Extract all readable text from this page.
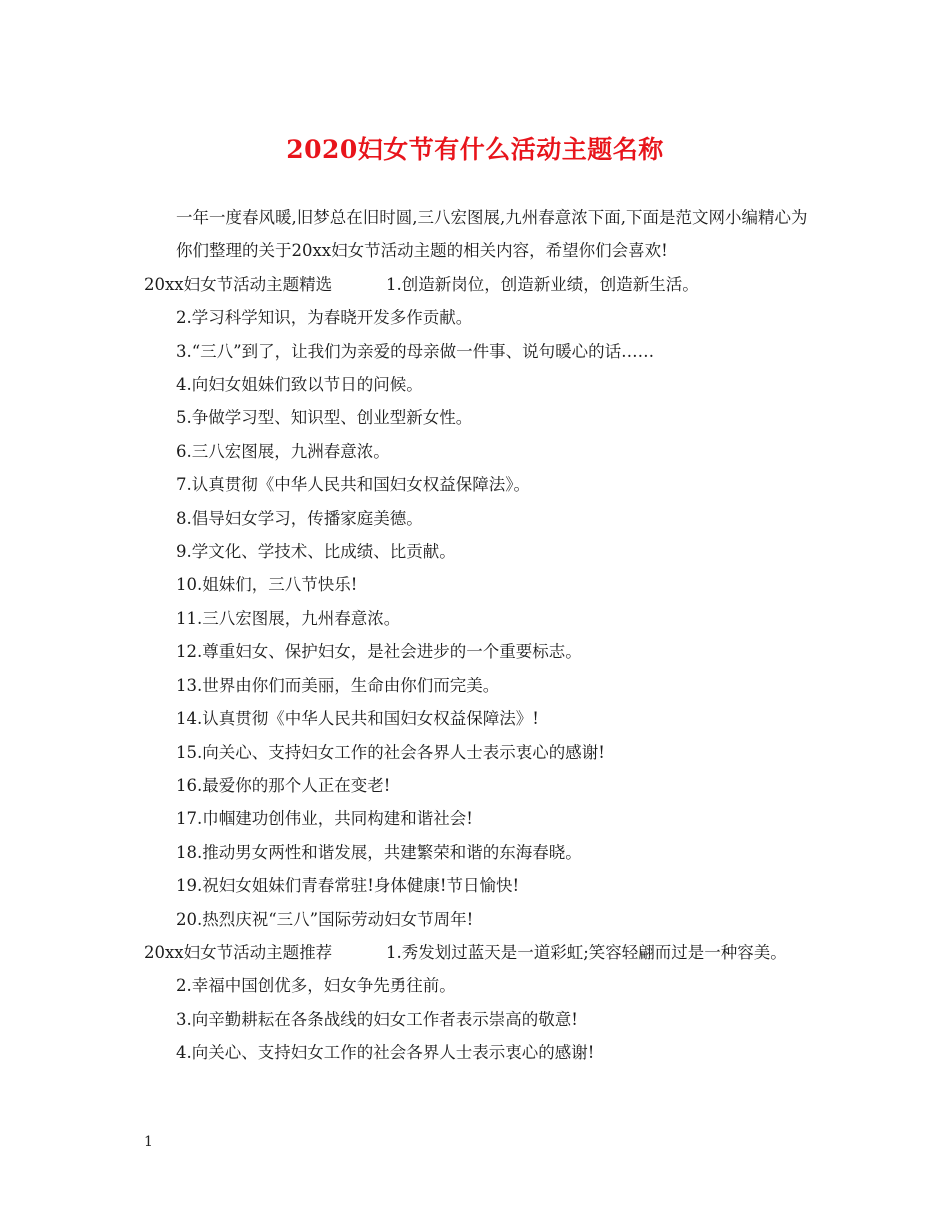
2020妇女节有什么活动主题名称

一年一度春风暖,旧梦总在旧时圆,三八宏图展,九州春意浓下面,下面是范文网小编精心为你们整理的关于20xx妇女节活动主题的相关内容，希望你们会喜欢!

20xx妇女节活动主题精选	1.创造新岗位，创造新业绩，创造新生活。

2.学习科学知识，为春晓开发多作贡献。

3.“三八”到了，让我们为亲爱的母亲做一件事、说句暖心的话……

4.向妇女姐妹们致以节日的问候。

5.争做学习型、知识型、创业型新女性。

6.三八宏图展，九洲春意浓。

7.认真贯彻《中华人民共和国妇女权益保障法》。

8.倡导妇女学习，传播家庭美德。

9.学文化、学技术、比成绩、比贡献。

10.姐妹们，三八节快乐!

11.三八宏图展，九州春意浓。

12.尊重妇女、保护妇女，是社会进步的一个重要标志。

13.世界由你们而美丽，生命由你们而完美。

14.认真贯彻《中华人民共和国妇女权益保障法》!

15.向关心、支持妇女工作的社会各界人士表示衷心的感谢!

16.最爱你的那个人正在变老!

17.巾帼建功创伟业，共同构建和谐社会!

18.推动男女两性和谐发展，共建繁荣和谐的东海春晓。

19.祝妇女姐妹们青春常驻!身体健康!节日愉快!

20.热烈庆祝“三八”国际劳动妇女节周年!

20xx妇女节活动主题推荐	1.秀发划过蓝天是一道彩虹;笑容轻翩而过是一种容美。

2.幸福中国创优多，妇女争先勇往前。

3.向辛勤耕耘在各条战线的妇女工作者表示崇高的敬意!

4.向关心、支持妇女工作的社会各界人士表示衷心的感谢!

1
